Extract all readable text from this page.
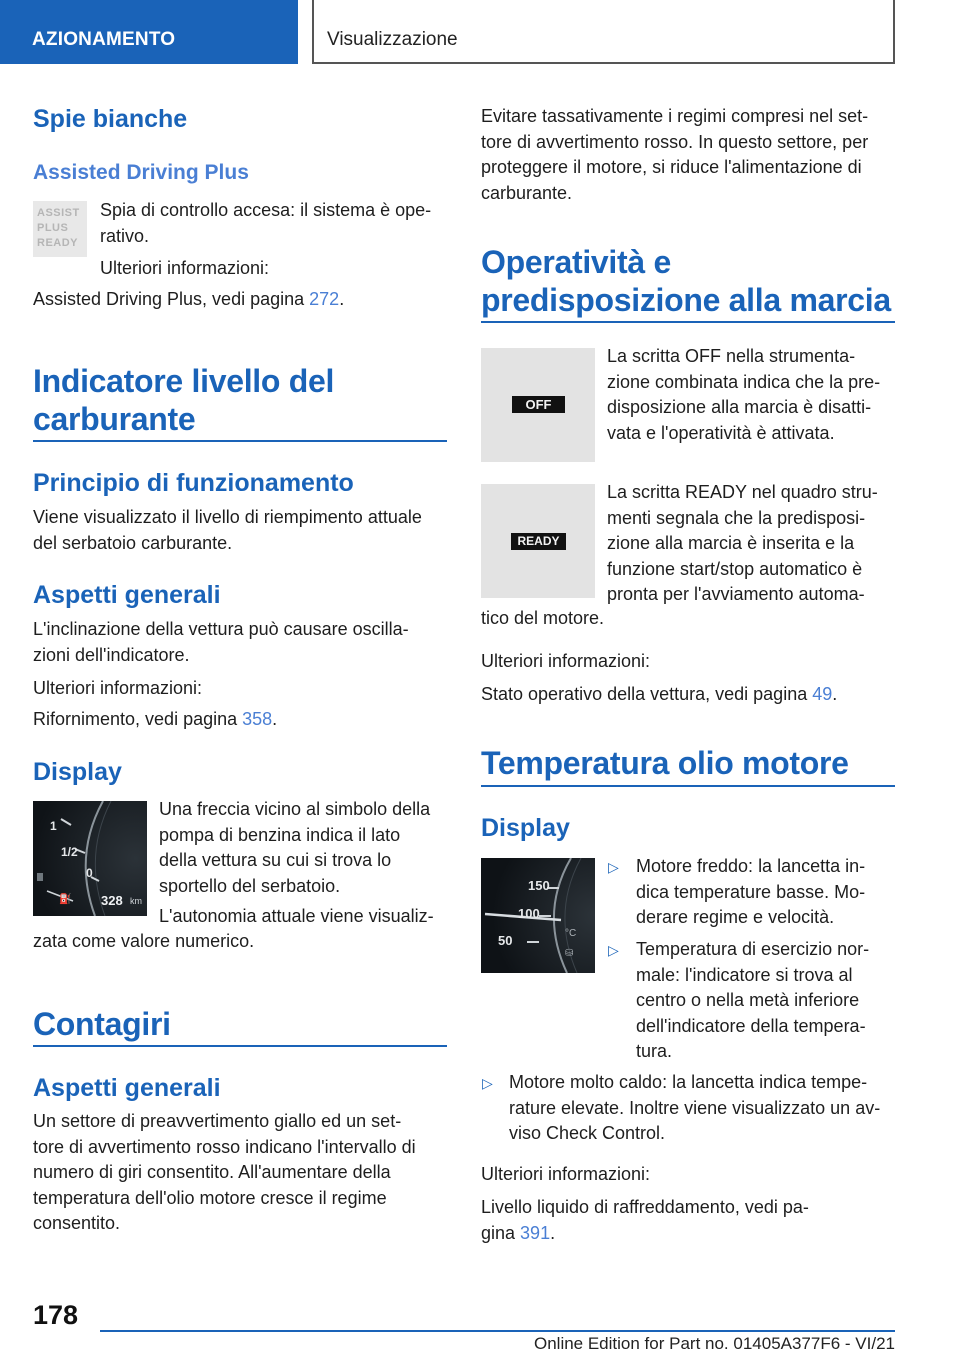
AZIONAMENTO	Visualizzazione
Spie bianche
Assisted Driving Plus
ASSIST
PLUS
READY
Spia di controllo accesa: il sistema è ope-
rativo.
Ulteriori informazioni:
Assisted Driving Plus, vedi pagina 272.
Indicatore livello del
carburante
Principio di funzionamento
Viene visualizzato il livello di riempimento attuale
del serbatoio carburante.
Aspetti generali
L'inclinazione della vettura può causare oscilla-
zioni dell'indicatore.
Ulteriori informazioni:
Rifornimento, vedi pagina 358.
Display
1
1/2
0
⛽ 328 km
Una freccia vicino al simbolo della
pompa di benzina indica il lato
della vettura su cui si trova lo
sportello del serbatoio.
L'autonomia attuale viene visualiz-
zata come valore numerico.
Contagiri
Aspetti generali
Un settore di preavvertimento giallo ed un set-
tore di avvertimento rosso indicano l'intervallo di
numero di giri consentito. All'aumentare della
temperatura dell'olio motore cresce il regime
consentito.
Evitare tassativamente i regimi compresi nel set-
tore di avvertimento rosso. In questo settore, per
proteggere il motore, si riduce l'alimentazione di
carburante.
Operatività e
predisposizione alla marcia
OFF
La scritta OFF nella strumenta-
zione combinata indica che la pre-
disposizione alla marcia è disatti-
vata e l'operatività è attivata.
READY
La scritta READY nel quadro stru-
menti segnala che la predisposi-
zione alla marcia è inserita e la
funzione start/stop automatico è
pronta per l'avviamento automa-
tico del motore.
Ulteriori informazioni:
Stato operativo della vettura, vedi pagina 49.
Temperatura olio motore
Display
150
100
50	°C
⛁
▷ Motore freddo: la lancetta in-
dica temperature basse. Mo-
derare regime e velocità.
▷ Temperatura di esercizio nor-
male: l'indicatore si trova al
centro o nella metà inferiore
dell'indicatore della tempera-
tura.
▷ Motore molto caldo: la lancetta indica tempe-
rature elevate. Inoltre viene visualizzato un av-
viso Check Control.
Ulteriori informazioni:
Livello liquido di raffreddamento, vedi pa-
gina 391.
178
Online Edition for Part no. 01405A377F6 - VI/21
